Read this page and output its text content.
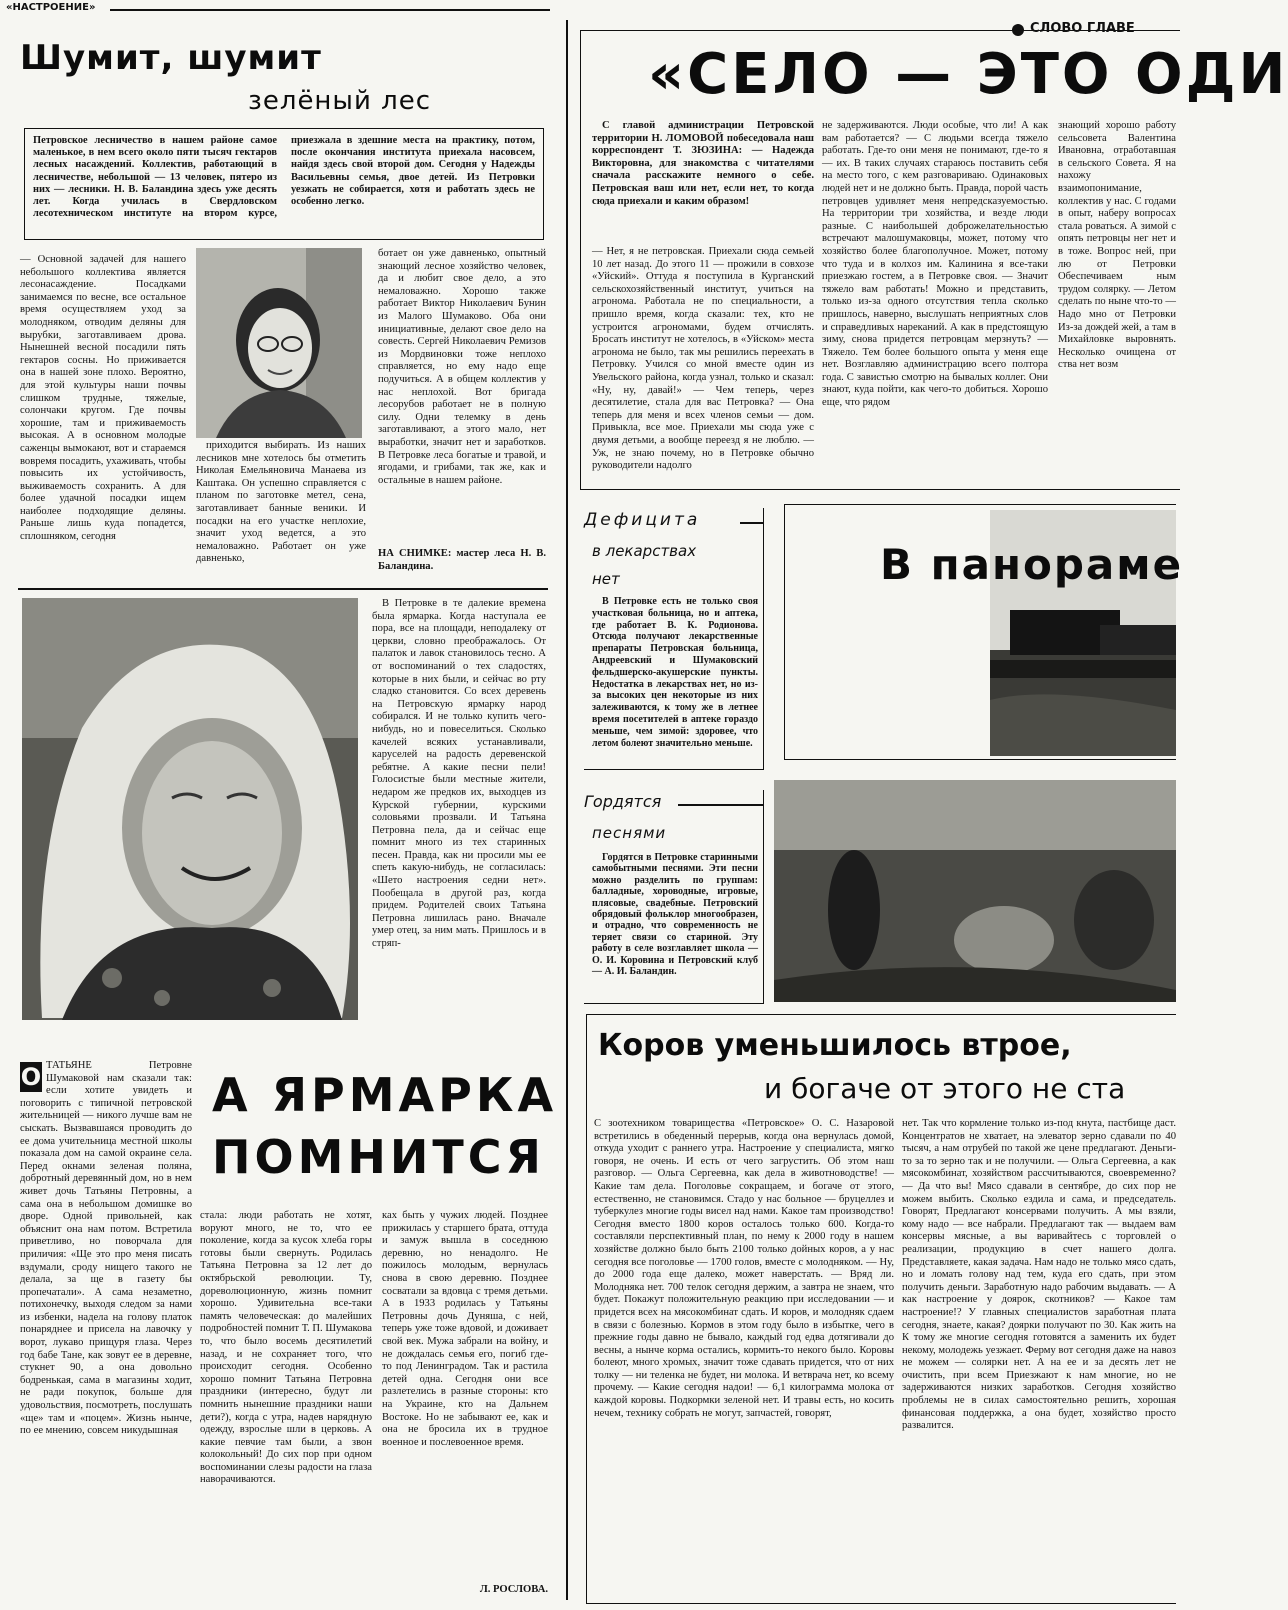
«НАСТРОЕНИЕ»
СЛОВО ГЛАВЕ
Шумит, шумит
зелёный лес
Петровское лесничество в нашем районе самое маленькое, в нем всего около пяти тысяч гектаров лесных насаждений. Коллектив, работающий в лесничестве, небольшой — 13 человек, пятеро из них — лесники. Н. В. Баландина здесь уже десять лет. Когда училась в Свердловском лесотехническом институте на втором курсе, приезжала в здешние места на практику, потом, после окончания института приехала насовсем, найдя здесь свой второй дом. Сегодня у Надежды Васильевны семья, двое детей. Из Петровки уезжать не собирается, хотя и работать здесь не особенно легко.
— Основной задачей для нашего небольшого коллектива является лесонасаждение. Посадками занимаемся по весне, все остальное время осуществляем уход за молодняком, отводим деляны для вырубки, заготавливаем дрова. Нынешней весной посадили пять гектаров сосны. Но приживается она в нашей зоне плохо. Вероятно, для этой культуры наши почвы слишком трудные, тяжелые, солончаки кругом. Где почвы хорошие, там и приживаемость высокая. А в основном молодые саженцы вымокают, вот и стараемся вовремя посадить, ухаживать, чтобы повысить их устойчивость, выживаемость сохранить. А для более удачной посадки ищем наиболее подходящие деляны. Раньше лишь куда попадется, сплошняком, сегодня
приходится выбирать. Из наших лесников мне хотелось бы отметить Николая Емельяновича Манаева из Каштака. Он успешно справляется с планом по заготовке метел, сена, заготавливает банные веники. И посадки на его участке неплохие, значит уход ведется, а это немаловажно. Работает он уже давненько,
ботает он уже давненько, опытный знающий лесное хозяйство человек, да и любит свое дело, а это немаловажно. Хорошо также работает Виктор Николаевич Бунин из Малого Шумаково. Оба они инициативные, делают свое дело на совесть. Сергей Николаевич Ремизов из Мордвиновки тоже неплохо справляется, но ему надо еще подучиться. А в общем коллектив у нас неплохой. Вот бригада лесорубов работает не в полную силу. Одни телемку в день заготавливают, а этого мало, нет выработки, значит нет и заработков. В Петровке леса богатые и травой, и ягодами, и грибами, так же, как и остальные в нашем районе.
НА СНИМКЕ: мастер леса Н. В. Баландина.
В Петровке в те далекие времена была ярмарка. Когда наступала ее пора, все на площади, неподалеку от церкви, словно преображалось. От палаток и лавок становилось тесно. А от воспоминаний о тех сладостях, которые в них были, и сейчас во рту сладко становится. Со всех деревень на Петровскую ярмарку народ собирался. И не только купить чего-нибудь, но и повеселиться. Сколько качелей всяких устанавливали, каруселей на радость деревенской ребятне. А какие песни пели! Голосистые были местные жители, недаром же предков их, выходцев из Курской губернии, курскими соловьями прозвали. И Татьяна Петровна пела, да и сейчас еще помнит много из тех старинных песен. Правда, как ни просили мы ее спеть какую-нибудь, не согласилась: «Шето настроения седни нет». Пообещала в другой раз, когда придем. Родителей своих Татьяна Петровна лишилась рано. Вначале умер отец, за ним мать. Пришлось и в стряп-
О ТАТЬЯНЕ Петровне Шумаковой нам сказали так: если хотите увидеть и поговорить с типичной петровской жительницей — никого лучше вам не сыскать. Вызвавшаяся проводить до ее дома учительница местной школы показала дом на самой окраине села. Перед окнами зеленая поляна, добротный деревянный дом, но в нем живет дочь Татьяны Петровны, а сама она в небольшом домишке во дворе. Одной привольней, как объяснит она нам потом. Встретила приветливо, но поворчала для приличия: «Ще это про меня писать вздумали, сроду нищего такого не делала, за ще в газету бы пропечатали». А сама незаметно, потихонечку, выходя следом за нами из избенки, надела на голову платок понаряднее и присела на лавочку у ворот, лукаво прищуря глаза. Через год бабе Тане, как зовут ее в деревне, стукнет 90, а она довольно бодренькая, сама в магазины ходит, не ради покупок, больше для удовольствия, посмотреть, послушать «ще» там и «поцем». Жизнь нынче, по ее мнению, совсем никудышная
А ЯРМАРКА
ПОМНИТСЯ
стала: люди работать не хотят, воруют много, не то, что ее поколение, когда за кусок хлеба горы готовы были свернуть. Родилась Татьяна Петровна за 12 лет до октябрьской революции. Ту, дореволюционную, жизнь помнит хорошо. Удивительна все-таки память человеческая: до малейших подробностей помнит Т. П. Шумакова то, что было восемь десятилетий назад, и не сохраняет того, что происходит сегодня. Особенно хорошо помнит Татьяна Петровна праздники (интересно, будут ли помнить нынешние праздники наши дети?), когда с утра, надев нарядную одежду, взрослые шли в церковь. А какие певчие там были, а звон колокольный! До сих пор при одном воспоминании слезы радости на глаза наворачиваются.
ках быть у чужих людей. Позднее прижилась у старшего брата, оттуда и замуж вышла в соседнюю деревню, но ненадолго. Не пожилось молодым, вернулась снова в свою деревню. Позднее сосватали за вдовца с тремя детьми. А в 1933 родилась у Татьяны Петровны дочь Дуняша, с ней, теперь уже тоже вдовой, и доживает свой век. Мужа забрали на войну, и не дождалась семья его, погиб где-то под Ленинградом. Так и растила детей одна. Сегодня они все разлетелись в разные стороны: кто на Украине, кто на Дальнем Востоке. Но не забывают ее, как и она не бросила их в трудное военное и послевоенное время.
Л. РОСЛОВА.
«СЕЛО — ЭТО ОДИ
С главой администрации Петровской территории Н. ЛОМОВОЙ побеседовала наш корреспондент Т. ЗЮЗИНА: — Надежда Викторовна, для знакомства с читателями сначала расскажите немного о себе. Петровская ваш или нет, если нет, то когда сюда приехали и каким образом!
— Нет, я не петровская. Приехали сюда семьей 10 лет назад. До этого 11 — прожили в совхозе «Уйский». Оттуда я поступила в Курганский сельскохозяйственный институт, учиться на агронома. Работала не по специальности, а пришло время, когда сказали: тех, кто не устроится агрономами, будем отчислять. Бросать институт не хотелось, в «Уйском» места агронома не было, так мы решились переехать в Петровку. Учился со мной вместе один из Увельского района, когда узнал, только и сказал: «Ну, ну, давай!» — Чем теперь, через десятилетие, стала для вас Петровка? — Она теперь для меня и всех членов семьи — дом. Привыкла, все мое. Приехали мы сюда уже с двумя детьми, а вообще переезд я не люблю. — Уж, не знаю почему, но в Петровке обычно руководители надолго
не задерживаются. Люди особые, что ли! А как вам работается? — С людьми всегда тяжело работать. Где-то они меня не понимают, где-то я — их. В таких случаях стараюсь поставить себя на место того, с кем разговариваю. Одинаковых людей нет и не должно быть. Правда, порой часть петровцев удивляет меня непредсказуемостью. На территории три хозяйства, и везде люди разные. С наибольшей доброжелательностью встречают малошумаковцы, может, потому что хозяйство более благополучное. Может, потому что туда и в колхоз им. Калинина я все-таки приезжаю гостем, а в Петровке своя. — Значит тяжело вам работать! Можно и представить, только из-за одного отсутствия тепла сколько пришлось, наверно, выслушать неприятных слов и справедливых нареканий. А как в предстоящую зиму, снова придется петровцам мерзнуть? — Тяжело. Тем более большого опыта у меня еще нет. Возглавляю администрацию всего полтора года. С завистью смотрю на бывалых коллег. Они знают, куда пойти, как чего-то добиться. Хорошо еще, что рядом
знающий хорошо работу сельсовета Валентина Ивановна, отработавшая в сельского Совета. Я на нахожу взаимопонимание, коллектив у нас. С годами в опыт, наберу вопросах стала роваться. А зимой с опять петровцы нег нет и в тоже. Вопрос ней, при лю от Петровки Обеспечиваем ным трудом солярку. — Летом сделать по ныне что-то — Надо мно от Петровки Из-за дождей жей, а там в Михайловке выровнять. Несколько очищена от ства нет возм
Дефицита
в лекарствах
нет
В Петровке есть не только своя участковая больница, но и аптека, где работает В. К. Родионова. Отсюда получают лекарственные препараты Петровская больница, Андреевский и Шумаковский фельдшерско-акушерские пункты. Недостатка в лекарствах нет, но из-за высоких цен некоторые из них залеживаются, к тому же в летнее время посетителей в аптеке гораздо меньше, чем зимой: здоровее, что летом болеют значительно меньше.
В панораме
Гордятся
песнями
Гордятся в Петровке старинными самобытными песнями. Эти песни можно разделить по группам: балладные, хороводные, игровые, плясовые, свадебные. Петровский обрядовый фольклор многообразен, и отрадно, что современность не теряет связи со стариной. Эту работу в селе возглавляет школа — О. И. Коровина и Петровский клуб — А. И. Баландин.
Коров уменьшилось втрое,
и богаче от этого не ста
С зоотехником товарищества «Петровское» О. С. Назаровой встретились в обеденный перерыв, когда она вернулась домой, откуда уходит с раннего утра. Настроение у специалиста, мягко говоря, не очень. И есть от чего загрустить. Об этом наш разговор. — Ольга Сергеевна, как дела в животноводстве! — Какие там дела. Поголовье сокращаем, и богаче от этого, естественно, не становимся. Стадо у нас больное — бруцеллез и туберкулез многие годы висел над нами. Какое там производство! Сегодня вместо 1800 коров осталось только 600. Когда-то составляли перспективный план, по нему к 2000 году в нашем хозяйстве должно было быть 2100 только дойных коров, а у нас сегодня все поголовье — 1700 голов, вместе с молодняком. — Ну, до 2000 года еще далеко, может наверстать. — Вряд ли. Молодняка нет. 700 телок сегодня держим, а завтра не знаем, что будет. Покажут положительную реакцию при исследовании — и придется всех на мясокомбинат сдать. И коров, и молодняк сдаем в связи с болезнью. Кормов в этом году было в избытке, чего в прежние годы давно не бывало, каждый год едва дотягивали до весны, а нынче корма остались, кормить-то некого было. Коровы болеют, много хромых, значит тоже сдавать придется, что от них толку — ни теленка не будет, ни молока. И ветврача нет, ко всему прочему. — Какие сегодня надои! — 6,1 килограмма молока от каждой коровы. Подкормки зеленой нет. И травы есть, но косить нечем, технику собрать не могут, запчастей, говорят,
нет. Так что кормление только из-под кнута, пастбище даст. Концентратов не хватает, на элеватор зерно сдавали по 40 тысяч, а нам отрубей по такой же цене предлагают. Деньги-то за то зерно так и не получили. — Ольга Сергеевна, а как мясокомбинат, хозяйством рассчитываются, своевременно? — Да что вы! Мясо сдавали в сентябре, до сих пор не можем выбить. Сколько ездила и сама, и председатель. Говорят, Предлагают консервами получить. А мы взяли, кому надо — все набрали. Предлагают так — выдаем вам консервы мясные, а вы варивайтесь с торговлей о реализации, продукцию в счет нашего долга. Представляете, какая задача. Нам надо не только мясо сдать, но и ломать голову над тем, куда его сдать, при этом получить деньги. Заработную надо рабочим выдавать. — А как настроение у доярок, скотников? — Какое там настроение!? У главных специалистов заработная плата сегодня, знаете, какая? доярки получают по 30. Как жить на К тому же многие сегодня готовятся а заменить их будет некому, молодежь уезжает. Ферму вот сегодня даже на навоз не можем — солярки нет. А на ее и за десять лет не очистить, при всем Приезжают к нам многие, но не задерживаются низких заработков. Сегодня хозяйство проблемы не в силах самостоятельно решить, хорошая финансовая поддержка, а она будет, хозяйство просто развалится.
